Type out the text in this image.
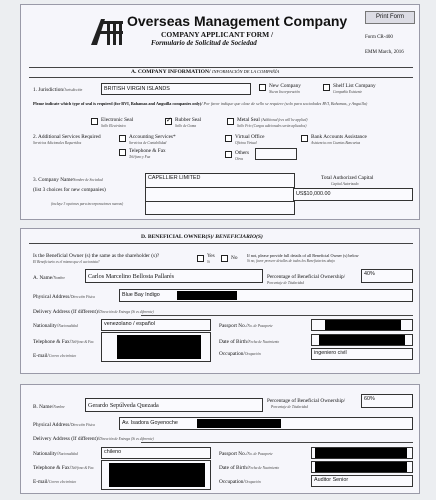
Overseas Management Company
COMPANY APPLICANT FORM /
Formulario de Solicitud de Sociedad
Print Form
Form CR-400
EMM March, 2016
A. COMPANY INFORMATION/ INFORMACIÓN DE LA COMPAÑÍA
1. Jurisdiction/Jurisdicción	BRITISH VIRGIN ISLANDS	New Company
Nueva Incorporación
Shelf List Company
Compañía Existente
Please indicate which type of seal is required (for BVI, Bahamas and Anguilla companies only)/ Por favor indique que clase de sello se requiere (solo para sociedades BVI, Bahamas, y Anguilla)
Electronic Seal
Sello Electrónico
✓
Rubber Seal
Sello de Goma
Metal Seal (Additional fees will be applied)
Sello Frío (Cargos adicionales serán aplicados)
2. Additional Services Required
Servicios Adicionales Requeridos
Accounting Services*
Servicios de Contabilidad
Virtual Office
Oficina Virtual
Bank Accounts Assistance
Asistencia con Cuentas Bancarias
Telephone & Fax
Teléfono y Fax
Others
Otros
3. Company NameNombre de Sociedad
(list 3 choices for new companies)
(incluye 3 opciones para incorporaciones nuevas)
CAPELLIER LIMITED	Total Authorized Capital
Capital Autorizado
US$10,000.00
D. BENEFICIAL OWNER(S)/ BENEFICIARIO(S)
Is the Beneficial Owner (s) the same as the shareholder (s)?
El Beneficiario es el mismo que el accionista?
Yes
Si
No If not, please provide full details of all Beneficial Owner (s) below
Si no, favor proveer detalles de todos los Beneficiarios abajo
A. Name/Nombre	Carlos Marcelino Bellosta Pallarés	Percentage of Beneficial Ownership/
Porcentaje de Titularidad
40%
Physical Address/Dirección Física	Blue Bay Indigo
Delivery Address (If different)/Dirección de Entrega (Si es diferente)
Nationality/Nacionalidad	venezolano / español	Passport No./No. de Pasaporte
Telephone & Fax/Teléfono & Fax	Date of Birth/Fecha de Nacimiento
E-mail/Correo electrónico	Occupation/Ocupación	ingeniero civil
B. Name/Nombre	Gerardo Sepúlveda Quezada
Percentage of Beneficial Ownership/
Porcentaje de Titularidad
60%
Physical Address/Dirección Física	Av. Isadora Goyenoche
Delivery Address (If different)/Dirección de Entrega (Si es diferente)
Nationality/Nacionalidad	chileno	Passport No./No. de Pasaporte
Telephone & Fax/Teléfono & Fax	Date of Birth/Fecha de Nacimiento
E-mail/Correo electrónico	Occupation/Ocupación	Auditor Senior
